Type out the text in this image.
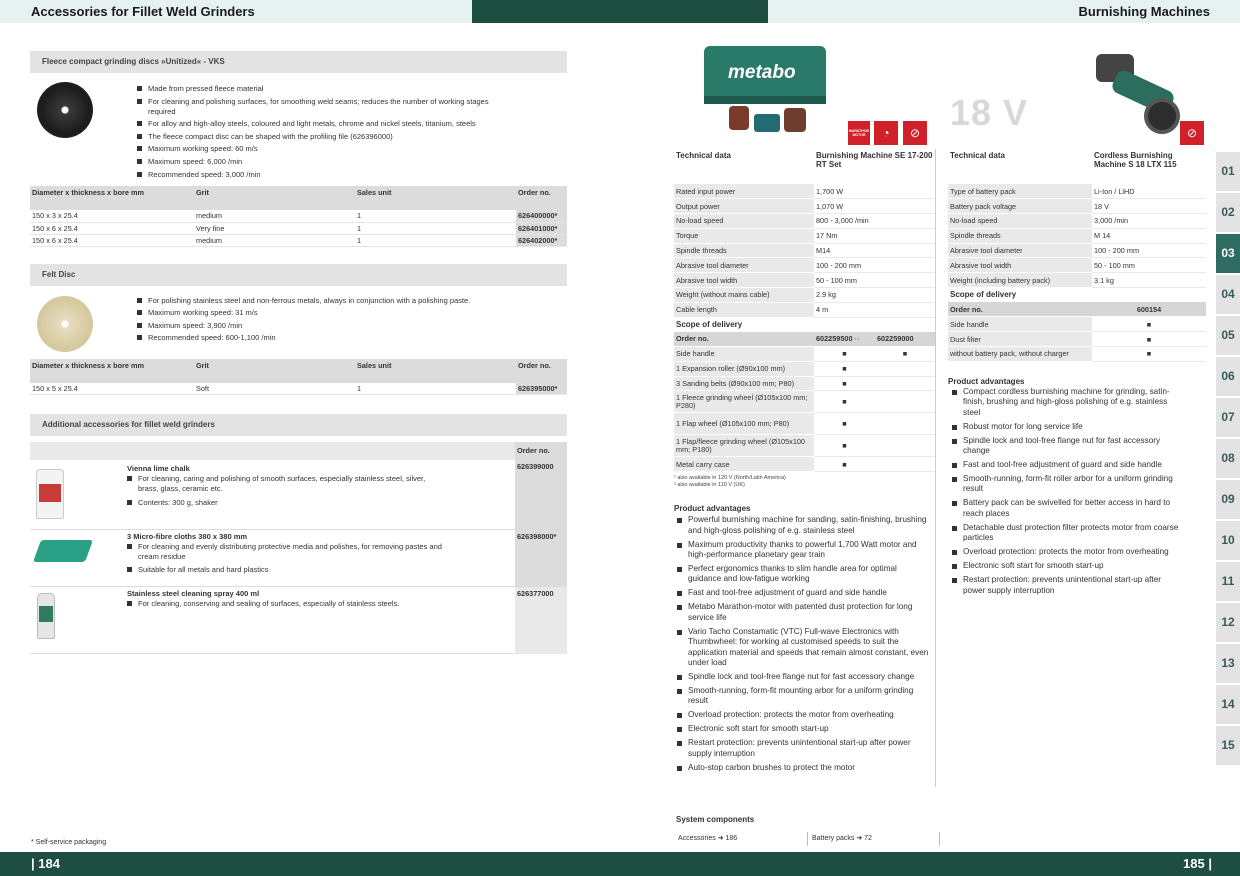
Accessories for Fillet Weld Grinders	Burnishing Machines
Fleece compact grinding discs »Unitized« - VKS
Made from pressed fleece material
For cleaning and polishing surfaces, for smoothing weld seams; reduces the number of working stages required
For alloy and high-alloy steels, coloured and light metals, chrome and nickel steels, titanium, steels
The fleece compact disc can be shaped with the profiling file (626396000)
Maximum working speed: 60 m/s
Maximum speed: 6,000 /min
Recommended speed: 3,000 /min
Diameter x thickness x bore mm	Grit	Sales unit	Order no.
150 x 3 x 25.4	medium	1	626400000*
150 x 6 x 25.4	Very fine	1	626401000*
150 x 6 x 25.4	medium	1	626402000*
Felt Disc
For polishing stainless steel and non-ferrous metals, always in conjunction with a polishing paste.
Maximum working speed: 31 m/s
Maximum speed: 3,900 /min
Recommended speed: 600-1,100 /min
Diameter x thickness x bore mm	Grit	Sales unit	Order no.
150 x 5 x 25.4	Soft	1	626395000*
Additional accessories for fillet weld grinders
Order no.
Vienna lime chalk
For cleaning, caring and polishing of smooth surfaces, especially stainless steel, silver, brass, glass, ceramic etc.
Contents: 300 g, shaker
626399000
3 Micro-fibre cloths 380 x 380 mm
For cleaning and evenly distributing protective media and polishes, for removing pastes and cream residue
Suitable for all metals and hard plastics
626398000*
Stainless steel cleaning spray 400 ml
For cleaning, conserving and sealing of surfaces, especially of stainless steels.
626377000
* Self-service packaging
metabo
MARATHON MOTOR	◔	⊘
Technical data	Burnishing Machine SE 17-200 RT Set
Rated input power	1,700 W
Output power	1,070 W
No-load speed	800 - 3,000 /min
Torque	17 Nm
Spindle threads	M14
Abrasive tool diameter	100 - 200 mm
Abrasive tool width	50 - 100 mm
Weight (without mains cable)	2.9 kg
Cable length	4 m
Scope of delivery
Order no.	602259500 ¹ ²	602259000
Side handle	■	■
1 Expansion roller (Ø90x100 mm)	■	
3 Sanding belts (Ø90x100 mm; P80)	■	
1 Fleece grinding wheel (Ø105x100 mm; P280)	■	
1 Flap wheel (Ø105x100 mm; P80)	■	
1 Flap/fleece grinding wheel (Ø105x100 mm; P180)	■	
Metal carry case	■	
¹ also available in 120 V (North/Latin America)
² also available in 110 V (UK)
Product advantages
Powerful burnishing machine for sanding, satin-finishing, brushing and high-gloss polishing of e.g. stainless steel
Maximum productivity thanks to powerful 1,700 Watt motor and high-performance planetary gear train
Perfect ergonomics thanks to slim handle area for optimal guidance and low-fatigue working
Fast and tool-free adjustment of guard and side handle
Metabo Marathon-motor with patented dust protection for long service life
Vario Tacho Constamatic (VTC) Full-wave Electronics with Thumbwheel: for working at customised speeds to suit the application material and speeds that remain almost constant, even under load
Spindle lock and tool-free flange nut for fast accessory change
Smooth-running, form-fit mounting arbor for a uniform grinding result
Overload protection: protects the motor from overheating
Electronic soft start for smooth start-up
Restart protection: prevents unintentional start-up after power supply interruption
Auto-stop carbon brushes to protect the motor
18 V	⊘
Technical data	Cordless Burnishing Machine S 18 LTX 115
Type of battery pack	Li-Ion / LiHD
Battery pack voltage	18 V
No-load speed	3,000 /min
Spindle threads	M 14
Abrasive tool diameter	100 - 200 mm
Abrasive tool width	50 - 100 mm
Weight (including battery pack)	3.1 kg
Scope of delivery
Order no.	600154
Side handle	■
Dust filter	■
without battery pack, without charger	■
Product advantages
Compact cordless burnishing machine for grinding, satin-finish, brushing and high-gloss polishing of e.g. stainless steel
Robust motor for long service life
Spindle lock and tool-free flange nut for fast accessory change
Fast and tool-free adjustment of guard and side handle
Smooth-running, form-fit roller arbor for a uniform grinding result
Battery pack can be swivelled for better access in hard to reach places
Detachable dust protection filter protects motor from coarse particles
Overload protection: protects the motor from overheating
Electronic soft start for smooth start-up
Restart protection: prevents unintentional start-up after power supply interruption
System components
Accessories ➜ 186	Battery packs ➜ 72
01
02
03
04
05
06
07
08
09
10
11
12
13
14
15
| 184	185 |
